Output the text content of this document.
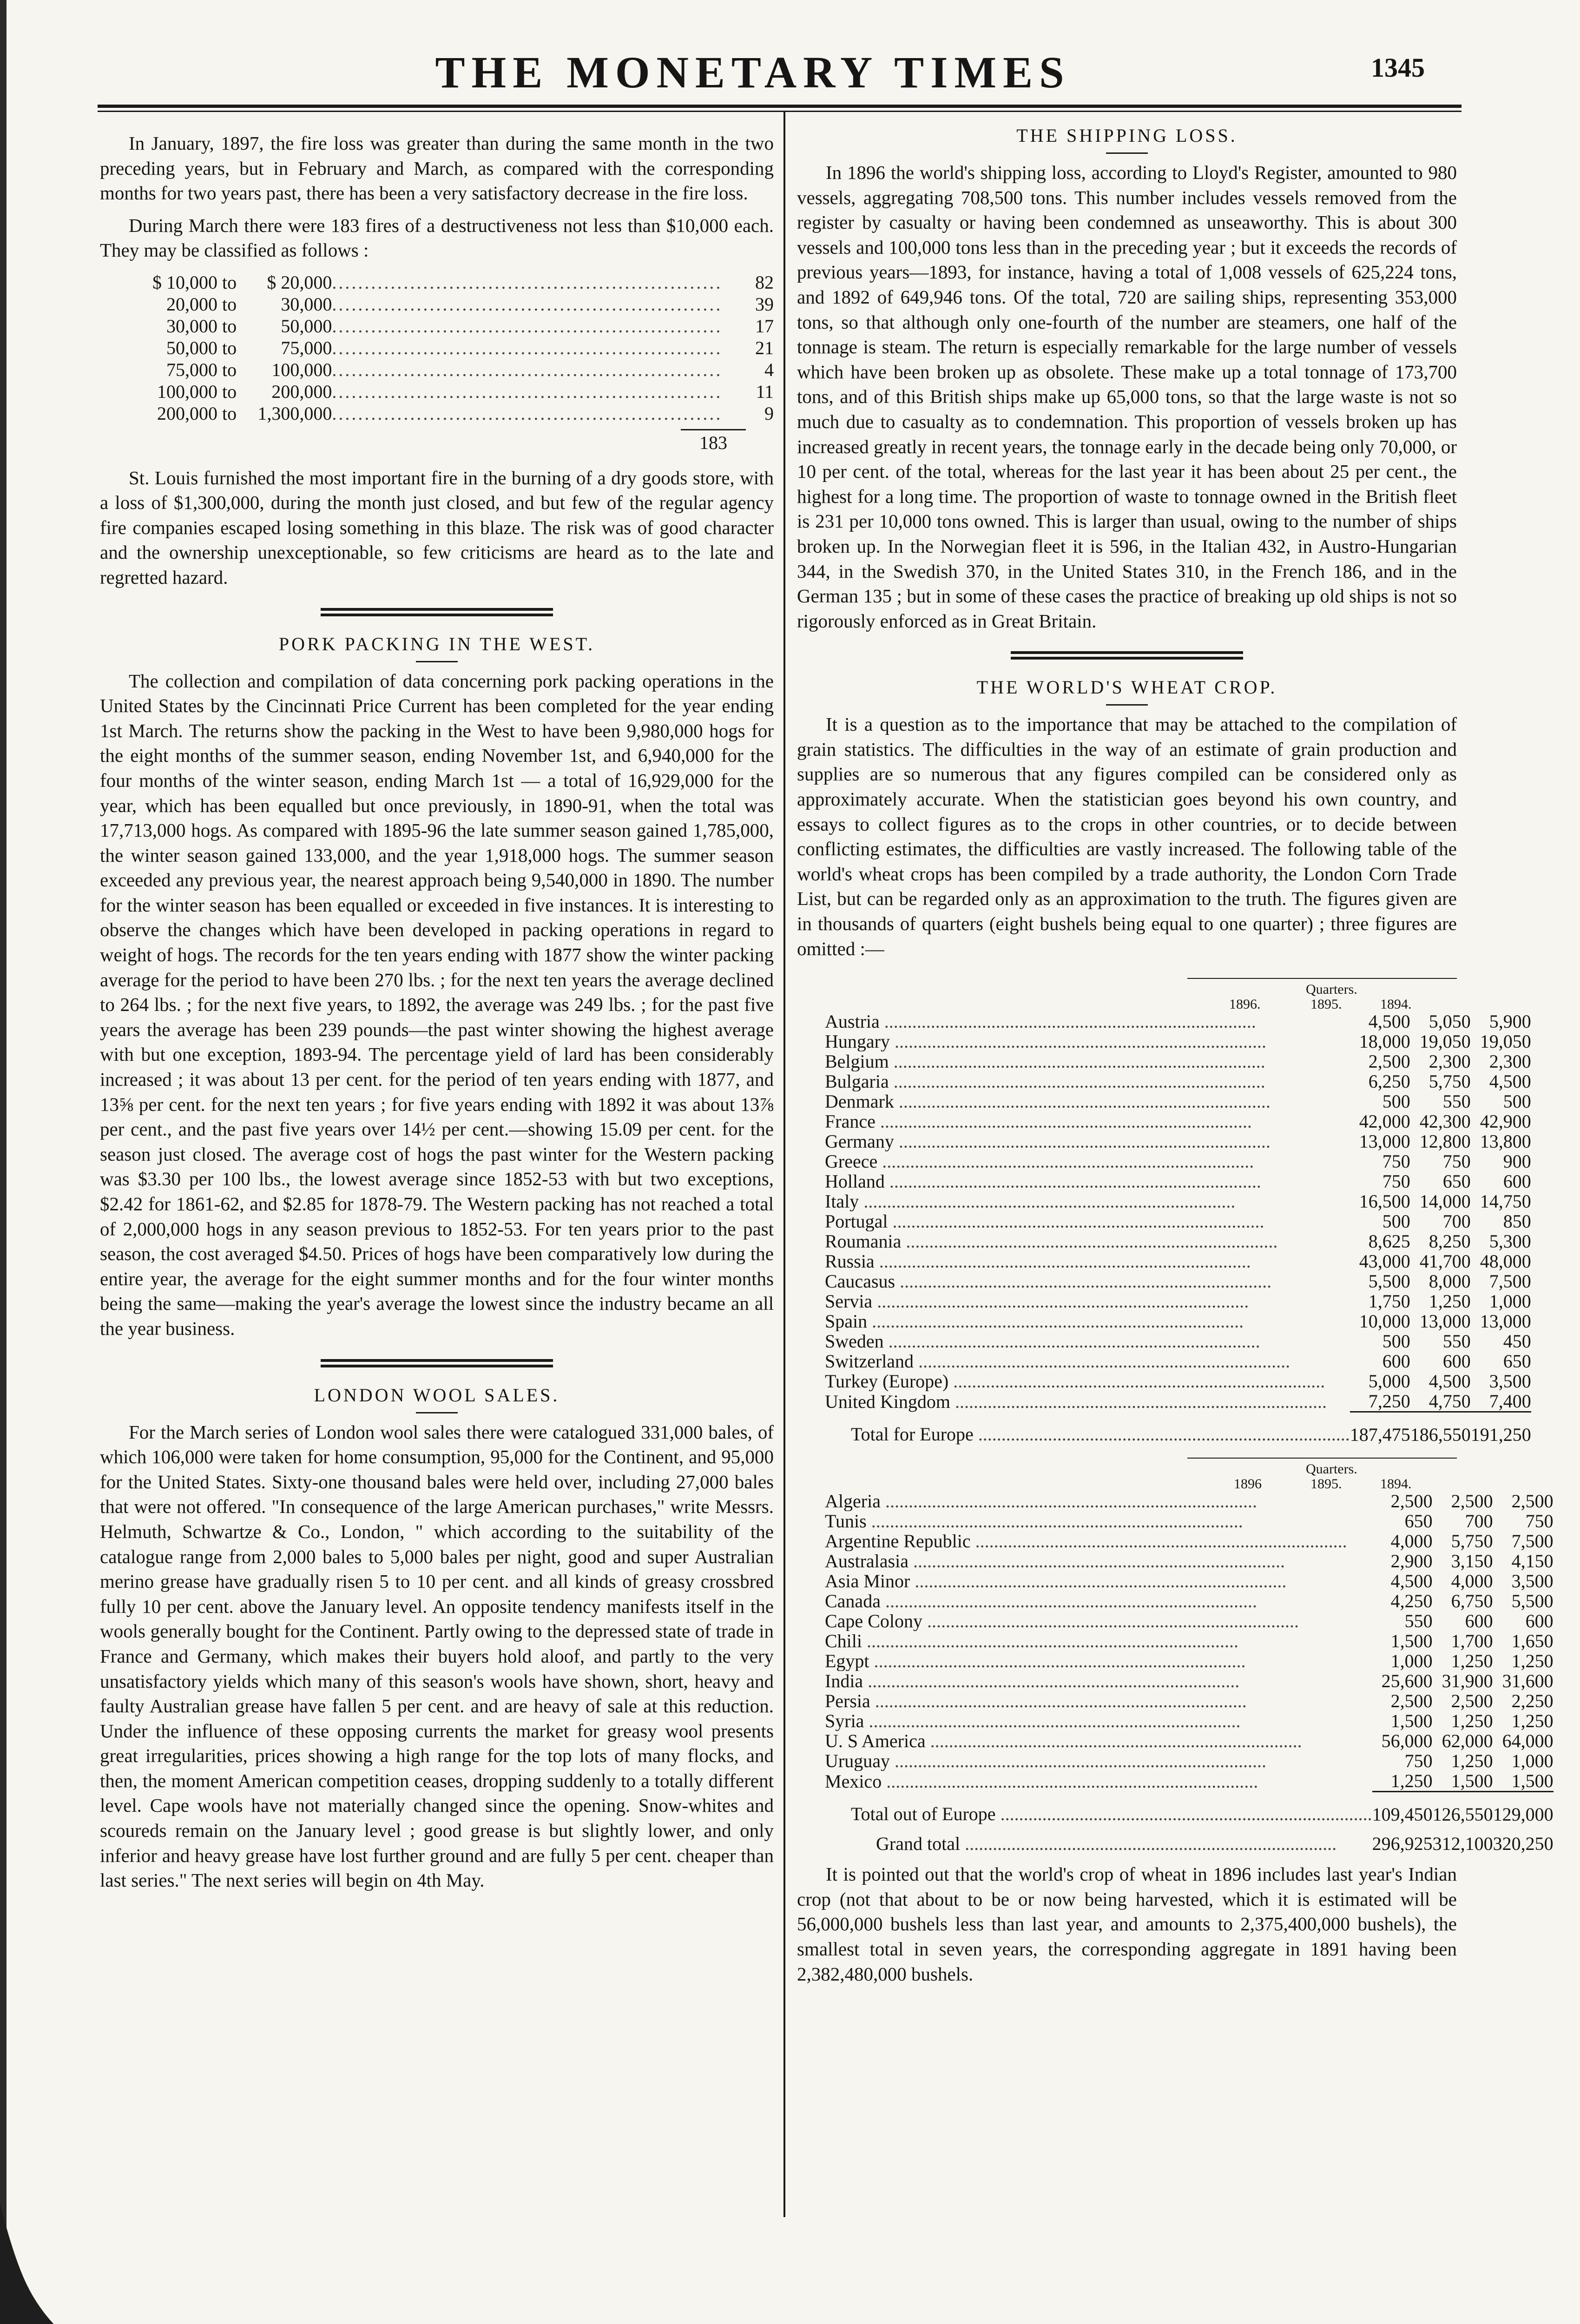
THE MONETARY TIMES	1345

In January, 1897, the fire loss was greater than during the same month in the two preceding years, but in February and March, as compared with the corresponding months for two years past, there has been a very satisfactory decrease in the fire loss.

During March there were 183 fires of a destructiveness not less than $10,000 each. They may be classified as follows :

$ 10,000	to	$ 20,000	............................................................	82
20,000	to	30,000	............................................................	39
30,000	to	50,000	............................................................	17
50,000	to	75,000	............................................................	21
75,000	to	100,000	............................................................	4
100,000	to	200,000	............................................................	11
200,000	to	1,300,000	............................................................	9
183

St. Louis furnished the most important fire in the burning of a dry goods store, with a loss of $1,300,000, during the month just closed, and but few of the regular agency fire companies escaped losing something in this blaze. The risk was of good character and the ownership unexceptionable, so few criticisms are heard as to the late and regretted hazard.

PORK PACKING IN THE WEST.

The collection and compilation of data concerning pork packing operations in the United States by the Cincinnati Price Current has been completed for the year ending 1st March. The returns show the packing in the West to have been 9,980,000 hogs for the eight months of the summer season, ending November 1st, and 6,940,000 for the four months of the winter season, ending March 1st — a total of 16,929,000 for the year, which has been equalled but once previously, in 1890-91, when the total was 17,713,000 hogs. As compared with 1895-96 the late summer season gained 1,785,000, the winter season gained 133,000, and the year 1,918,000 hogs. The summer season exceeded any previous year, the nearest approach being 9,540,000 in 1890. The number for the winter season has been equalled or exceeded in five instances. It is interesting to observe the changes which have been developed in packing operations in regard to weight of hogs. The records for the ten years ending with 1877 show the winter packing average for the period to have been 270 lbs. ; for the next ten years the average declined to 264 lbs. ; for the next five years, to 1892, the average was 249 lbs. ; for the past five years the average has been 239 pounds—the past winter showing the highest average with but one exception, 1893-94. The percentage yield of lard has been considerably increased ; it was about 13 per cent. for the period of ten years ending with 1877, and 13⅝ per cent. for the next ten years ; for five years ending with 1892 it was about 13⅞ per cent., and the past five years over 14½ per cent.—showing 15.09 per cent. for the season just closed. The average cost of hogs the past winter for the Western packing was $3.30 per 100 lbs., the lowest average since 1852-53 with but two exceptions, $2.42 for 1861-62, and $2.85 for 1878-79. The Western packing has not reached a total of 2,000,000 hogs in any season previous to 1852-53. For ten years prior to the past season, the cost averaged $4.50. Prices of hogs have been comparatively low during the entire year, the average for the eight summer months and for the four winter months being the same—making the year's average the lowest since the industry became an all the year business.

LONDON WOOL SALES.

For the March series of London wool sales there were catalogued 331,000 bales, of which 106,000 were taken for home consumption, 95,000 for the Continent, and 95,000 for the United States. Sixty-one thousand bales were held over, including 27,000 bales that were not offered. "In consequence of the large American purchases," write Messrs. Helmuth, Schwartze & Co., London, " which according to the suitability of the catalogue range from 2,000 bales to 5,000 bales per night, good and super Australian merino grease have gradually risen 5 to 10 per cent. and all kinds of greasy crossbred fully 10 per cent. above the January level. An opposite tendency manifests itself in the wools generally bought for the Continent. Partly owing to the depressed state of trade in France and Germany, which makes their buyers hold aloof, and partly to the very unsatisfactory yields which many of this season's wools have shown, short, heavy and faulty Australian grease have fallen 5 per cent. and are heavy of sale at this reduction. Under the influence of these opposing currents the market for greasy wool presents great irregularities, prices showing a high range for the top lots of many flocks, and then, the moment American competition ceases, dropping suddenly to a totally different level. Cape wools have not materially changed since the opening. Snow-whites and scoureds remain on the January level ; good grease is but slightly lower, and only inferior and heavy grease have lost further ground and are fully 5 per cent. cheaper than last series." The next series will begin on 4th May.

THE SHIPPING LOSS.

In 1896 the world's shipping loss, according to Lloyd's Register, amounted to 980 vessels, aggregating 708,500 tons. This number includes vessels removed from the register by casualty or having been condemned as unseaworthy. This is about 300 vessels and 100,000 tons less than in the preceding year ; but it exceeds the records of previous years—1893, for instance, having a total of 1,008 vessels of 625,224 tons, and 1892 of 649,946 tons. Of the total, 720 are sailing ships, representing 353,000 tons, so that although only one-fourth of the number are steamers, one half of the tonnage is steam. The return is especially remarkable for the large number of vessels which have been broken up as obsolete. These make up a total tonnage of 173,700 tons, and of this British ships make up 65,000 tons, so that the large waste is not so much due to casualty as to condemnation. This proportion of vessels broken up has increased greatly in recent years, the tonnage early in the decade being only 70,000, or 10 per cent. of the total, whereas for the last year it has been about 25 per cent., the highest for a long time. The proportion of waste to tonnage owned in the British fleet is 231 per 10,000 tons owned. This is larger than usual, owing to the number of ships broken up. In the Norwegian fleet it is 596, in the Italian 432, in Austro-Hungarian 344, in the Swedish 370, in the United States 310, in the French 186, and in the German 135 ; but in some of these cases the practice of breaking up old ships is not so rigorously enforced as in Great Britain.

THE WORLD'S WHEAT CROP.

It is a question as to the importance that may be attached to the compilation of grain statistics. The difficulties in the way of an estimate of grain production and supplies are so numerous that any figures compiled can be considered only as approximately accurate. When the statistician goes beyond his own country, and essays to collect figures as to the crops in other countries, or to decide between conflicting estimates, the difficulties are vastly increased. The following table of the world's wheat crops has been compiled by a trade authority, the London Corn Trade List, but can be regarded only as an approximation to the truth. The figures given are in thousands of quarters (eight bushels being equal to one quarter) ; three figures are omitted :—

Quarters.
1896.	1895.	1894.
Austria ................................................................................	4,500	5,050	5,900
Hungary ................................................................................	18,000	19,050	19,050
Belgium ................................................................................	2,500	2,300	2,300
Bulgaria ................................................................................	6,250	5,750	4,500
Denmark ................................................................................	500	550	500
France ................................................................................	42,000	42,300	42,900
Germany ................................................................................	13,000	12,800	13,800
Greece ................................................................................	750	750	900
Holland ................................................................................	750	650	600
Italy ................................................................................	16,500	14,000	14,750
Portugal ................................................................................	500	700	850
Roumania ................................................................................	8,625	8,250	5,300
Russia ................................................................................	43,000	41,700	48,000
Caucasus ................................................................................	5,500	8,000	7,500
Servia ................................................................................	1,750	1,250	1,000
Spain ................................................................................	10,000	13,000	13,000
Sweden ................................................................................	500	550	450
Switzerland ................................................................................	600	600	650
Turkey (Europe) ................................................................................	5,000	4,500	3,500
United Kingdom ................................................................................	7,250	4,750	7,400
Total for Europe ................................................................................	187,475	186,550	191,250
Quarters.
1896	1895.	1894.
Algeria ................................................................................	2,500	2,500	2,500
Tunis ................................................................................	650	700	750
Argentine Republic ................................................................................	4,000	5,750	7,500
Australasia ................................................................................	2,900	3,150	4,150
Asia Minor ................................................................................	4,500	4,000	3,500
Canada ................................................................................	4,250	6,750	5,500
Cape Colony ................................................................................	550	600	600
Chili ................................................................................	1,500	1,700	1,650
Egypt ................................................................................	1,000	1,250	1,250
India ................................................................................	25,600	31,900	31,600
Persia ................................................................................	2,500	2,500	2,250
Syria ................................................................................	1,500	1,250	1,250
U. S America ................................................................................	56,000	62,000	64,000
Uruguay ................................................................................	750	1,250	1,000
Mexico ................................................................................	1,250	1,500	1,500
Total out of Europe ................................................................................	109,450	126,550	129,000
Grand total ................................................................................	296,925	312,100	320,250

It is pointed out that the world's crop of wheat in 1896 includes last year's Indian crop (not that about to be or now being harvested, which it is estimated will be 56,000,000 bushels less than last year, and amounts to 2,375,400,000 bushels), the smallest total in seven years, the corresponding aggregate in 1891 having been 2,382,480,000 bushels.
